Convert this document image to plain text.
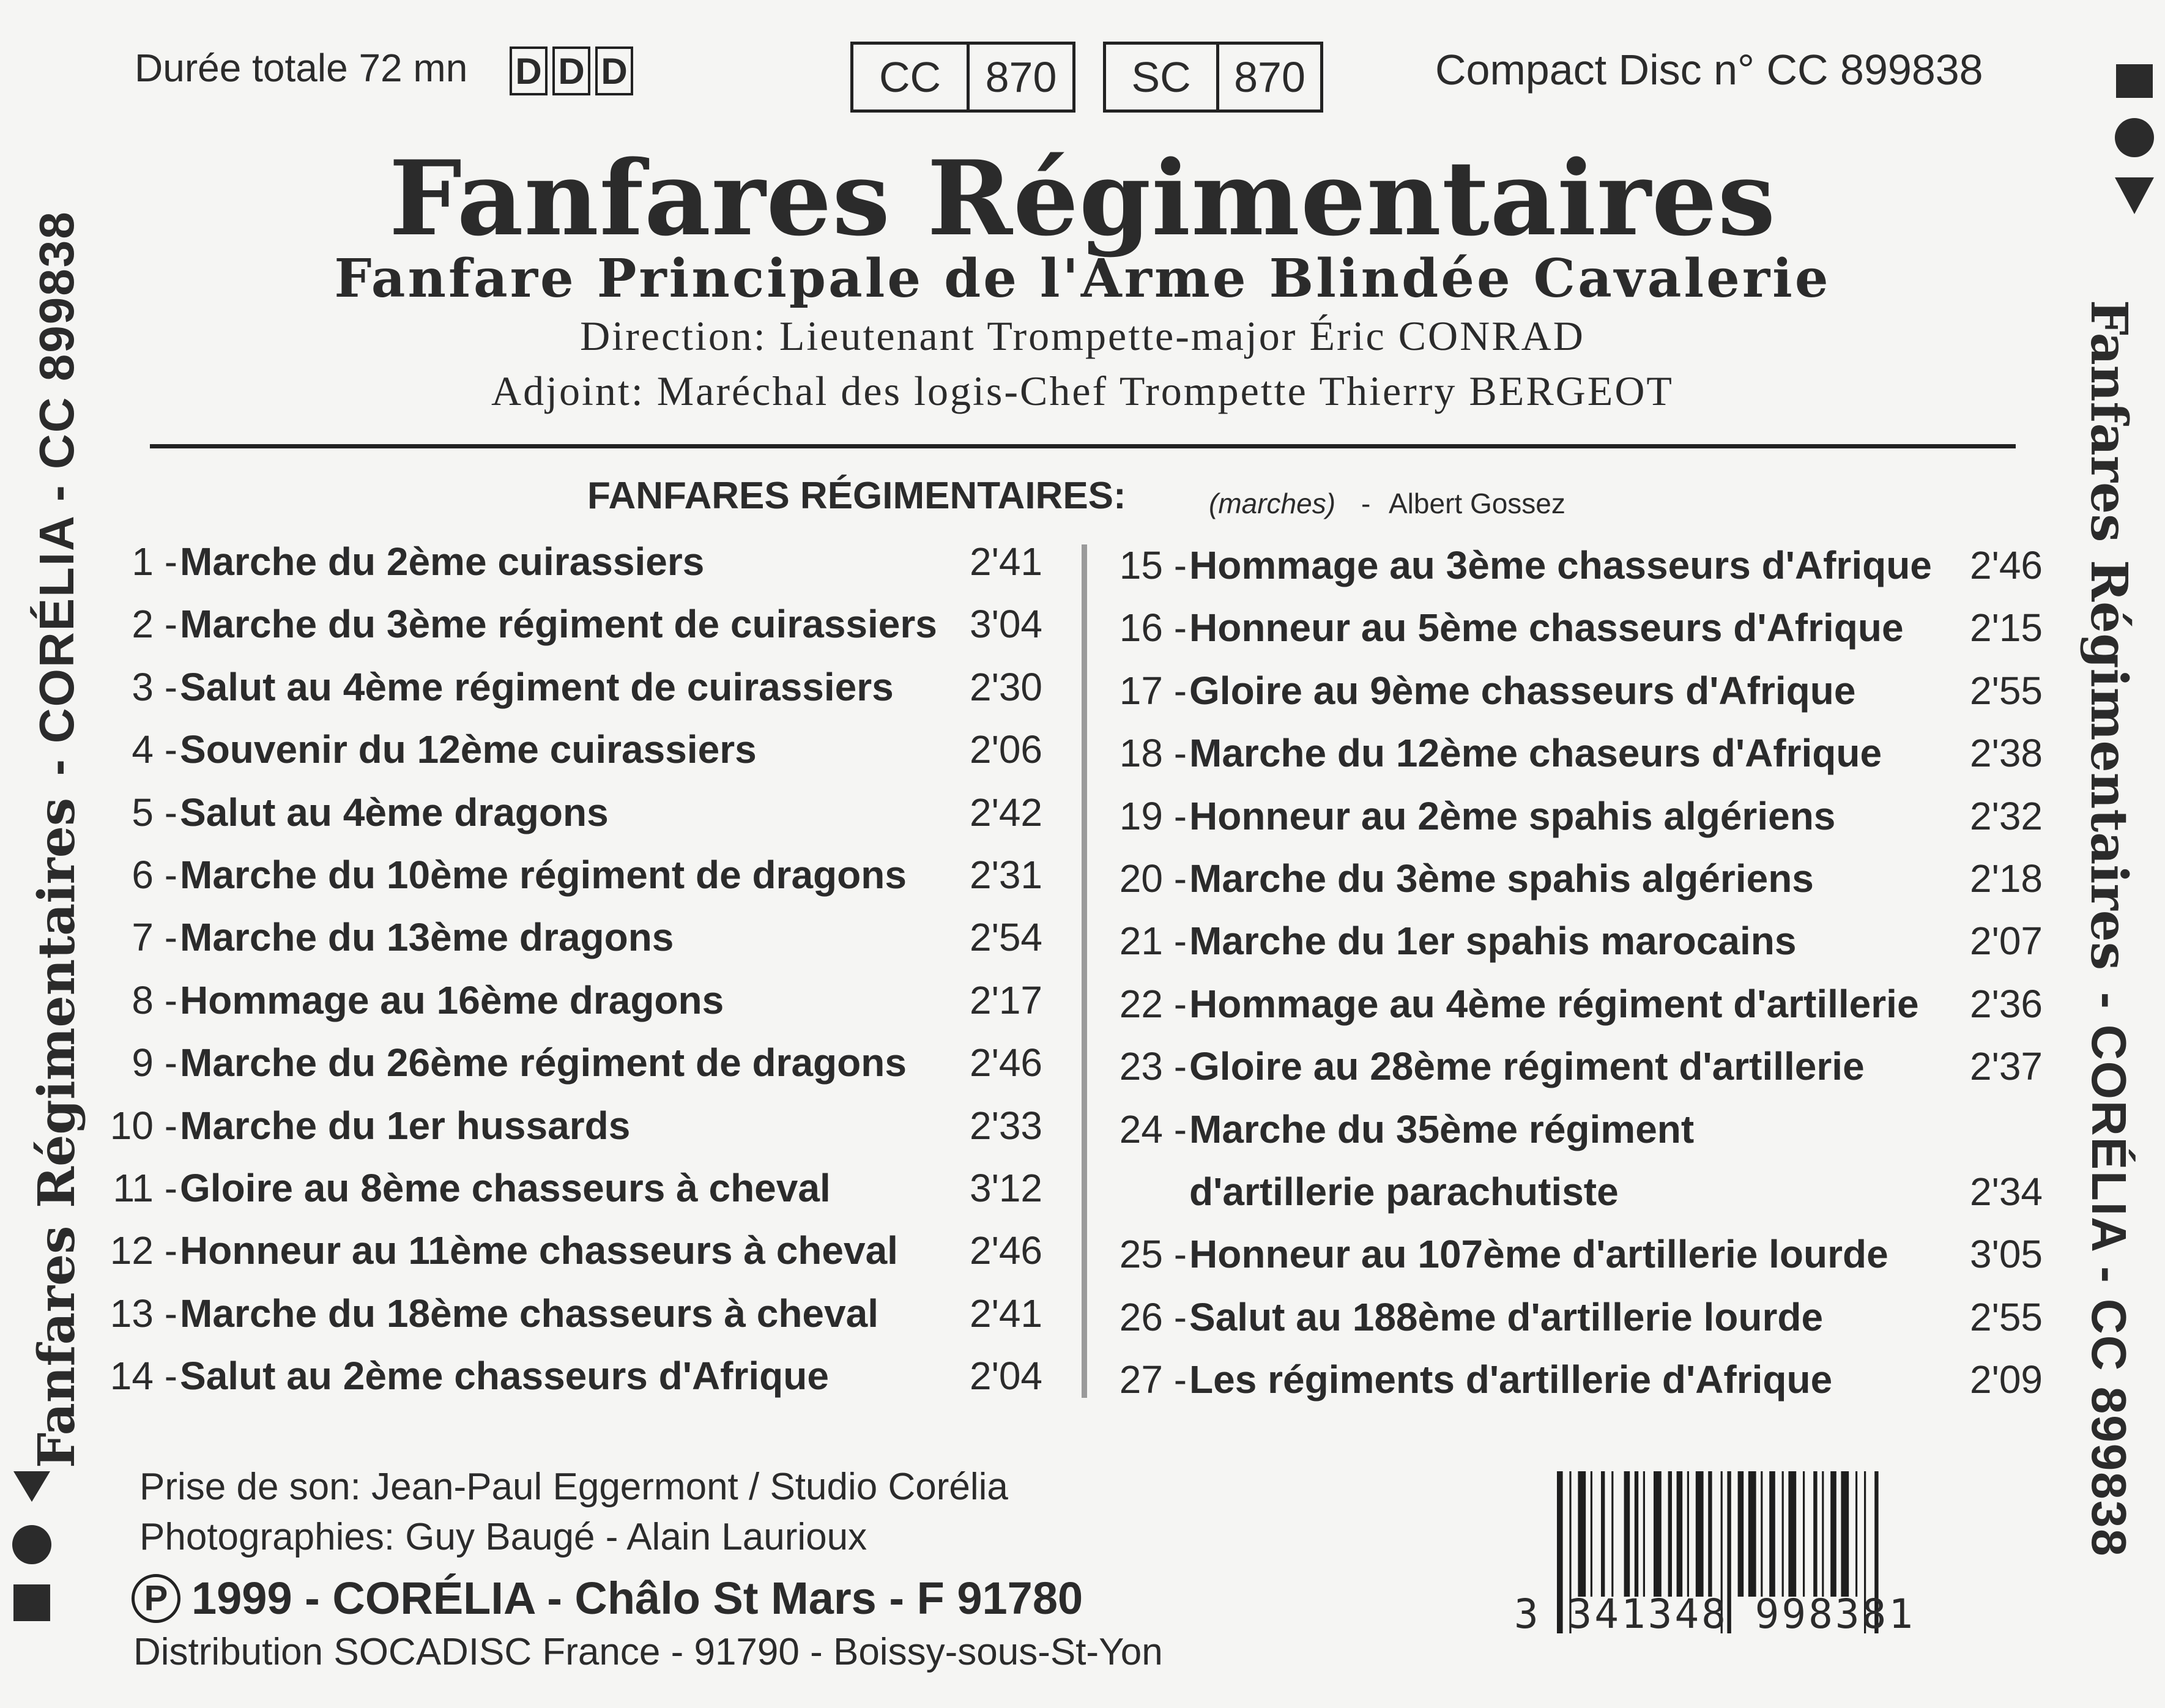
Durée totale 72 mn D D D	CC	870	SC	870	Compact Disc n° CC 899838
Fanfares Régimentaires
Fanfare Principale de l'Arme Blindée Cavalerie
Direction: Lieutenant Trompette-major Éric CONRAD
Adjoint: Maréchal des logis-Chef Trompette Thierry BERGEOT
FANFARES RÉGIMENTAIRES:	(marches) - Albert Gossez
1 - Marche du 2ème cuirassiers	2'41
2 - Marche du 3ème régiment de cuirassiers 3'04
3 - Salut au 4ème régiment de cuirassiers 2'30
4 - Souvenir du 12ème cuirassiers	2'06
5 - Salut au 4ème dragons	2'42
6 - Marche du 10ème régiment de dragons 2'31
7 - Marche du 13ème dragons	2'54
8 - Hommage au 16ème dragons	2'17
9 - Marche du 26ème régiment de dragons 2'46
10 - Marche du 1er hussards	2'33
11 - Gloire au 8ème chasseurs à cheval	3'12
12 - Honneur au 11ème chasseurs à cheval 2'46
13 - Marche du 18ème chasseurs à cheval 2'41
14 - Salut au 2ème chasseurs d'Afrique	2'04
15 - Hommage au 3ème chasseurs d'Afrique 2'46
16 - Honneur au 5ème chasseurs d'Afrique 2'15
17 - Gloire au 9ème chasseurs d'Afrique	2'55
18 - Marche du 12ème chaseurs d'Afrique 2'38
19 - Honneur au 2ème spahis algériens	2'32
20 - Marche du 3ème spahis algériens	2'18
21 - Marche du 1er spahis marocains	2'07
22 - Hommage au 4ème régiment d'artillerie 2'36
23 - Gloire au 28ème régiment d'artillerie	2'37
24 - Marche du 35ème régiment
d'artillerie parachutiste	2'34
25 - Honneur au 107ème d'artillerie lourde 3'05
26 - Salut au 188ème d'artillerie lourde	2'55
27 - Les régiments d'artillerie d'Afrique	2'09
Prise de son: Jean-Paul Eggermont / Studio Corélia
Photographies: Guy Baugé - Alain Laurioux
P 1999 - CORÉLIA - Châlo St Mars - F 91780
Distribution SOCADISC France - 91790 - Boissy-sous-St-Yon
3 341348 998381
Fanfares Régimentaires
- CORÉLIA - CC 899838	Fanfares Régimentaires
- CORÉLIA - CC 899838
